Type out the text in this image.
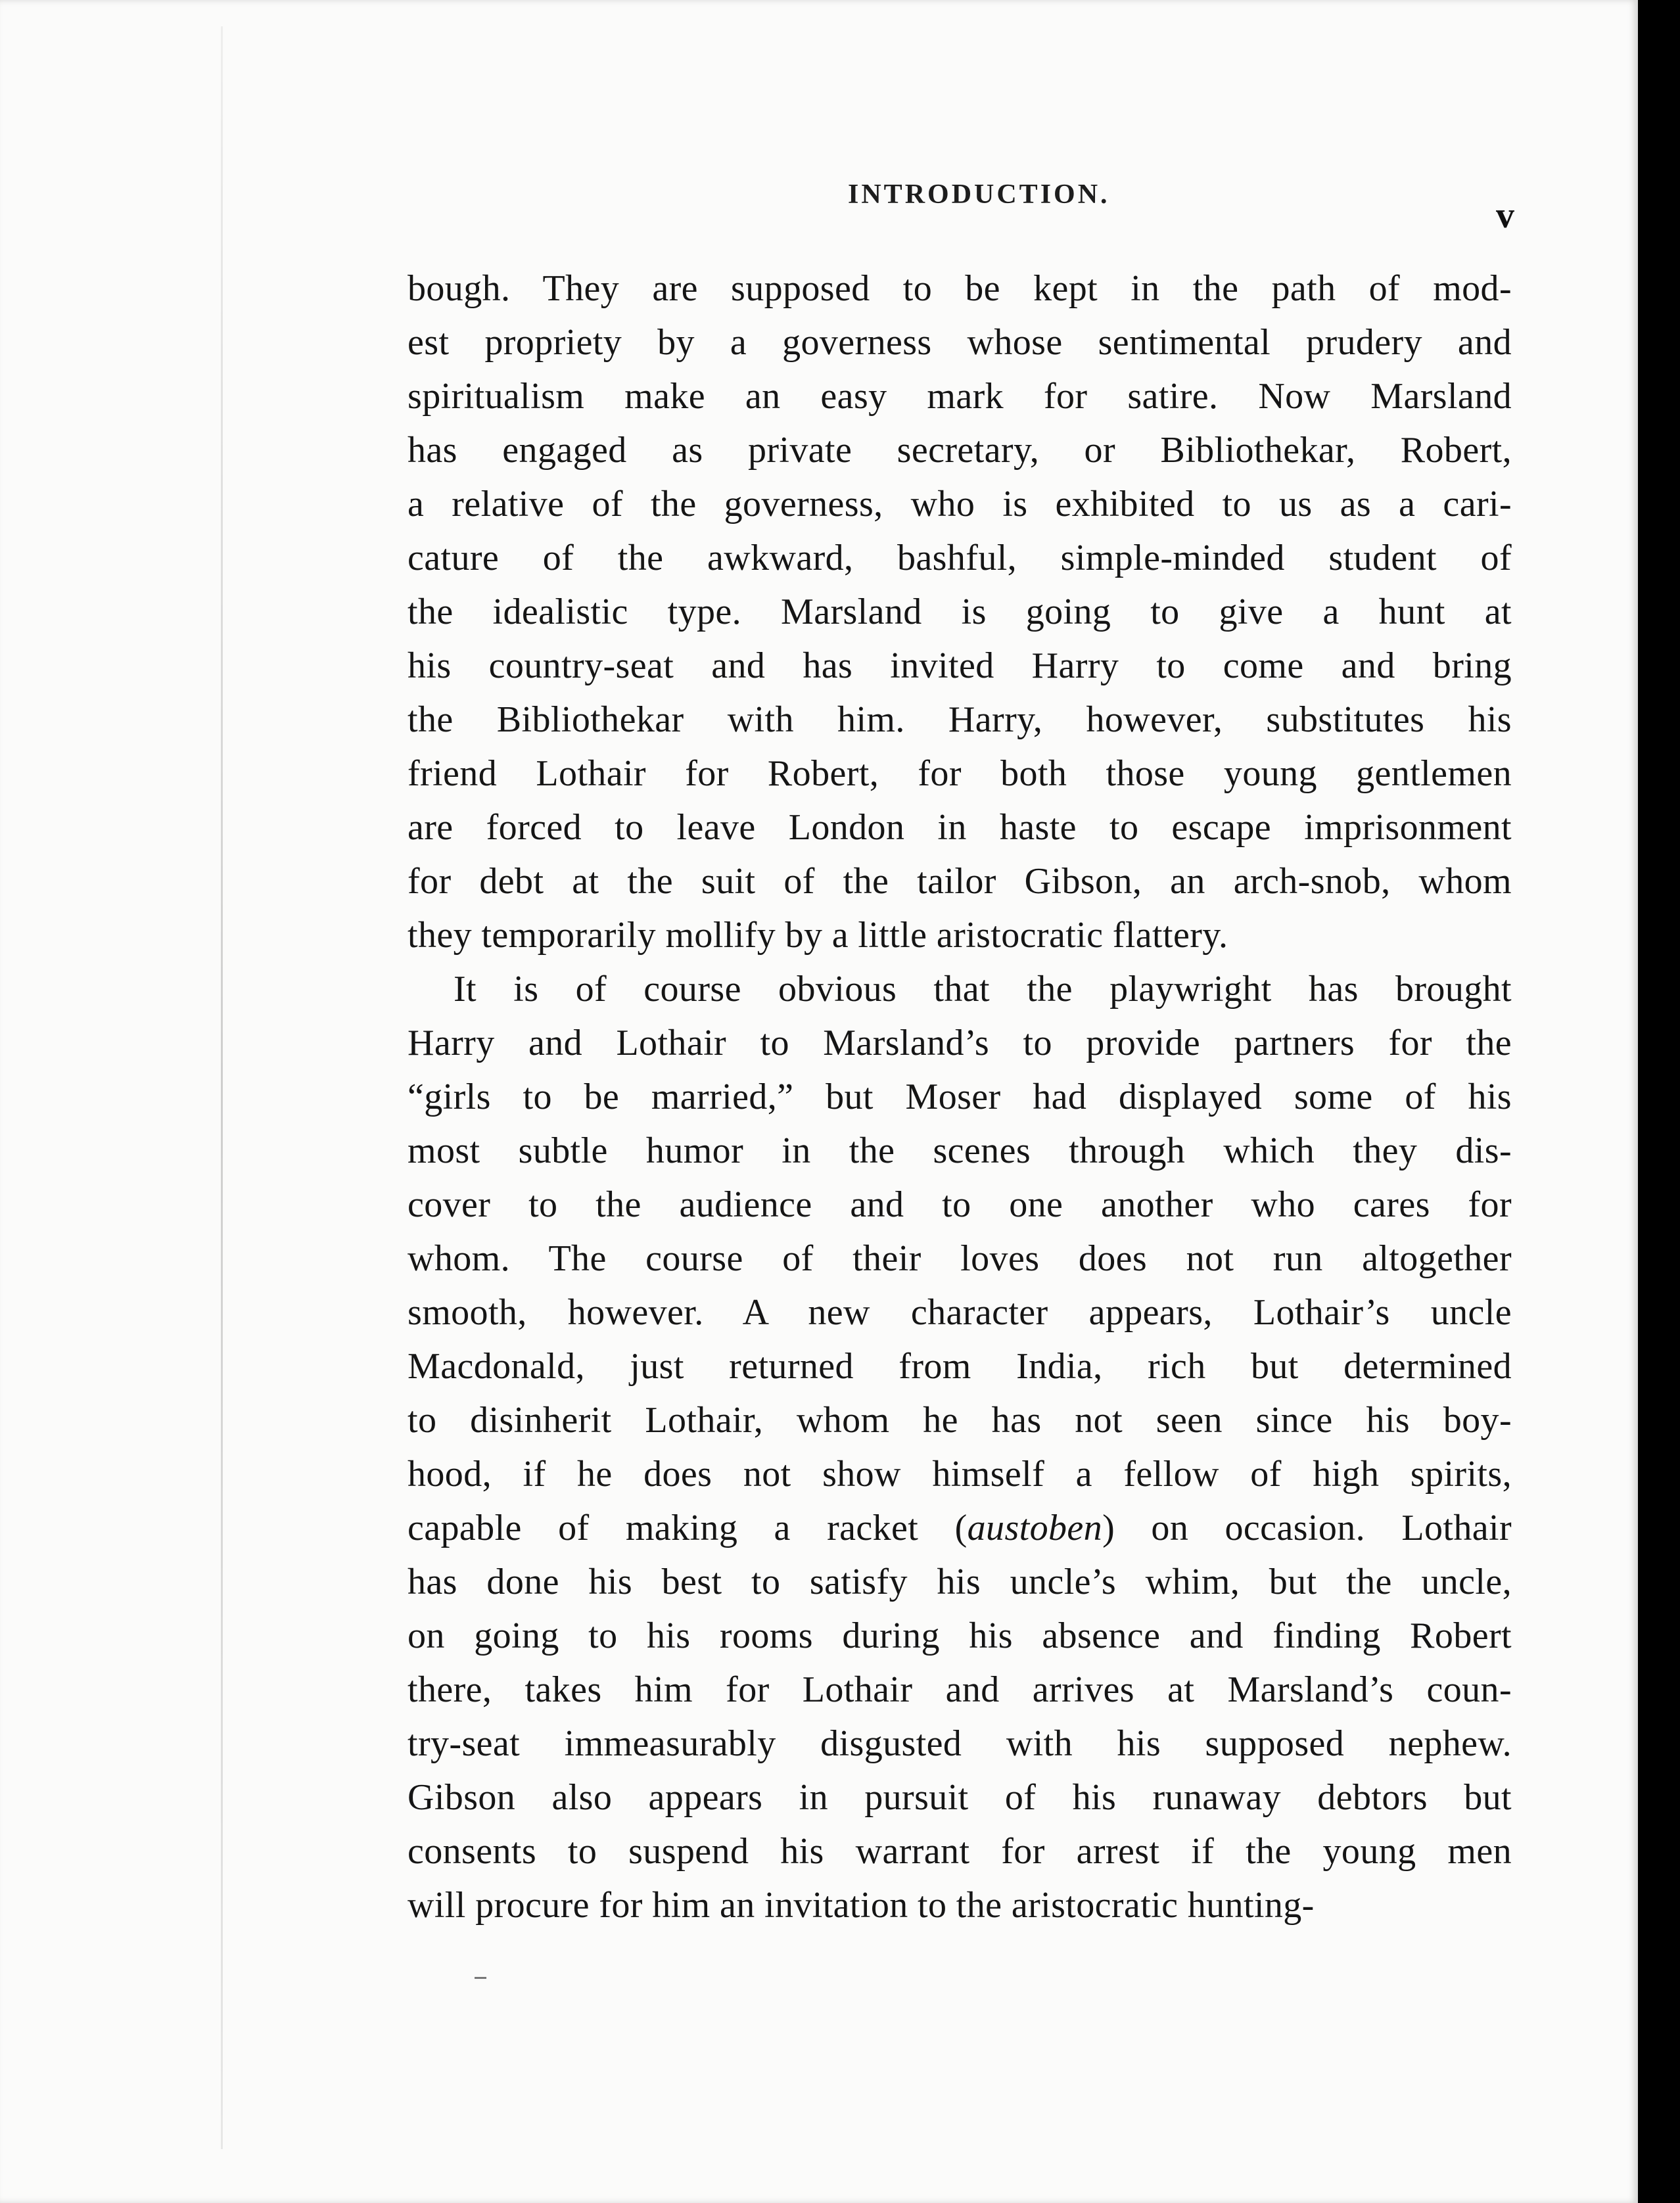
INTRODUCTION.
v
bough. They are supposed to be kept in the path of mod-
est propriety by a governess whose sentimental prudery and
spiritualism make an easy mark for satire. Now Marsland
has engaged as private secretary, or Bibliothekar, Robert,
a relative of the governess, who is exhibited to us as a cari-
cature of the awkward, bashful, simple-minded student of
the idealistic type. Marsland is going to give a hunt at
his country-seat and has invited Harry to come and bring
the Bibliothekar with him. Harry, however, substitutes his
friend Lothair for Robert, for both those young gentlemen
are forced to leave London in haste to escape imprisonment
for debt at the suit of the tailor Gibson, an arch-snob, whom
they temporarily mollify by a little aristocratic flattery.
It is of course obvious that the playwright has brought
Harry and Lothair to Marsland’s to provide partners for the
“girls to be married,” but Moser had displayed some of his
most subtle humor in the scenes through which they dis-
cover to the audience and to one another who cares for
whom. The course of their loves does not run altogether
smooth, however. A new character appears, Lothair’s uncle
Macdonald, just returned from India, rich but determined
to disinherit Lothair, whom he has not seen since his boy-
hood, if he does not show himself a fellow of high spirits,
capable of making a racket (austoben) on occasion. Lothair
has done his best to satisfy his uncle’s whim, but the uncle,
on going to his rooms during his absence and finding Robert
there, takes him for Lothair and arrives at Marsland’s coun-
try-seat immeasurably disgusted with his supposed nephew.
Gibson also appears in pursuit of his runaway debtors but
consents to suspend his warrant for arrest if the young men
will procure for him an invitation to the aristocratic hunting-
